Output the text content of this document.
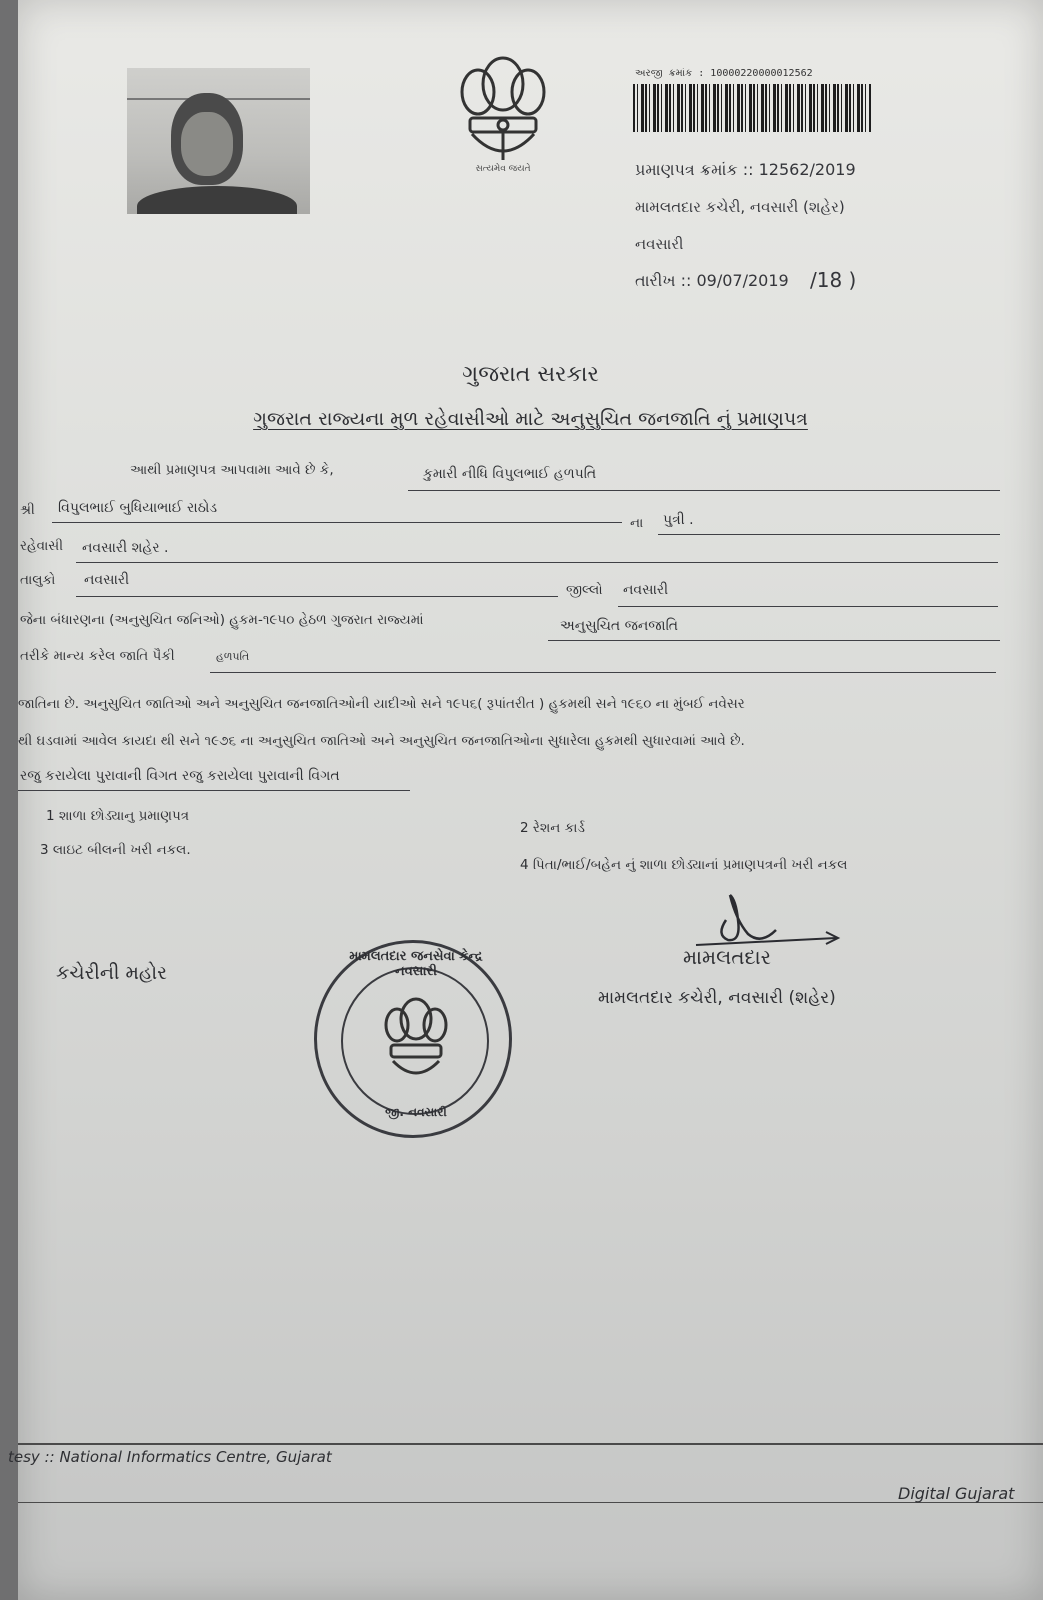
સત્યમેવ જયતે
અરજી ક્રમાંક : 10000220000012562
પ્રમાણપત્ર ક્રમાંક :: 12562/2019
મામલતદાર કચેરી, નવસારી (શહેર)
નવસારી
તારીખ :: 09/07/2019 /18 )
ગુજરાત સરકાર
ગુજરાત રાજ્યના મુળ રહેવાસીઓ માટે અનુસુચિત જનજાતિ નું પ્રમાણપત્ર
આથી પ્રમાણપત્ર આપવામા આવે છે કે,	કુમારી નીધિ વિપુલભાઈ હળપતિ
શ્રી વિપુલભાઈ બુધિયાભાઈ રાઠોડ
ના પુત્રી .
રહેવાસી નવસારી શહેર .
તાલુકો નવસારી
જીલ્લો નવસારી
જેના બંધારણના (અનુસુચિત જનિઓ) હુકમ-૧૯૫૦ હેઠળ ગુજરાત રાજ્યમાં	અનુસુચિત જનજાતિ
તરીકે માન્ય કરેલ જાતિ પૈકી	હળપતિ
જાતિના છે. અનુસુચિત જાતિઓ અને અનુસુચિત જનજાતિઓની યાદીઓ સને ૧૯૫૬( રૂપાંતરીત ) હુકમથી સને ૧૯૬૦ ના મુંબઈ નવેસર
થી ઘડવામાં આવેલ કાયદા થી સને ૧૯૭૬ ના અનુસુચિત જાતિઓ અને અનુસુચિત જનજાતિઓના સુધારેલા હુકમથી સુધારવામાં આવે છે.
રજુ કરાયેલા પુરાવાની વિગત રજુ કરાયેલા પુરાવાની વિગત
1 શાળા છોડ્યાનુ પ્રમાણપત્ર
2 રેશન કાર્ડ
3 લાઇટ બીલની ખરી નકલ.
4 પિતા/ભાઈ/બહેન નું શાળા છોડ્યાનાં પ્રમાણપત્રની ખરી નકલ
કચેરીની મહોર
મામલતદાર જનસેવા કેન્દ્ર નવસારી
જી. નવસારી
મામલતદાર
મામલતદાર કચેરી, નવસારી (શહેર)
tesy :: National Informatics Centre, Gujarat
Digital Gujarat
